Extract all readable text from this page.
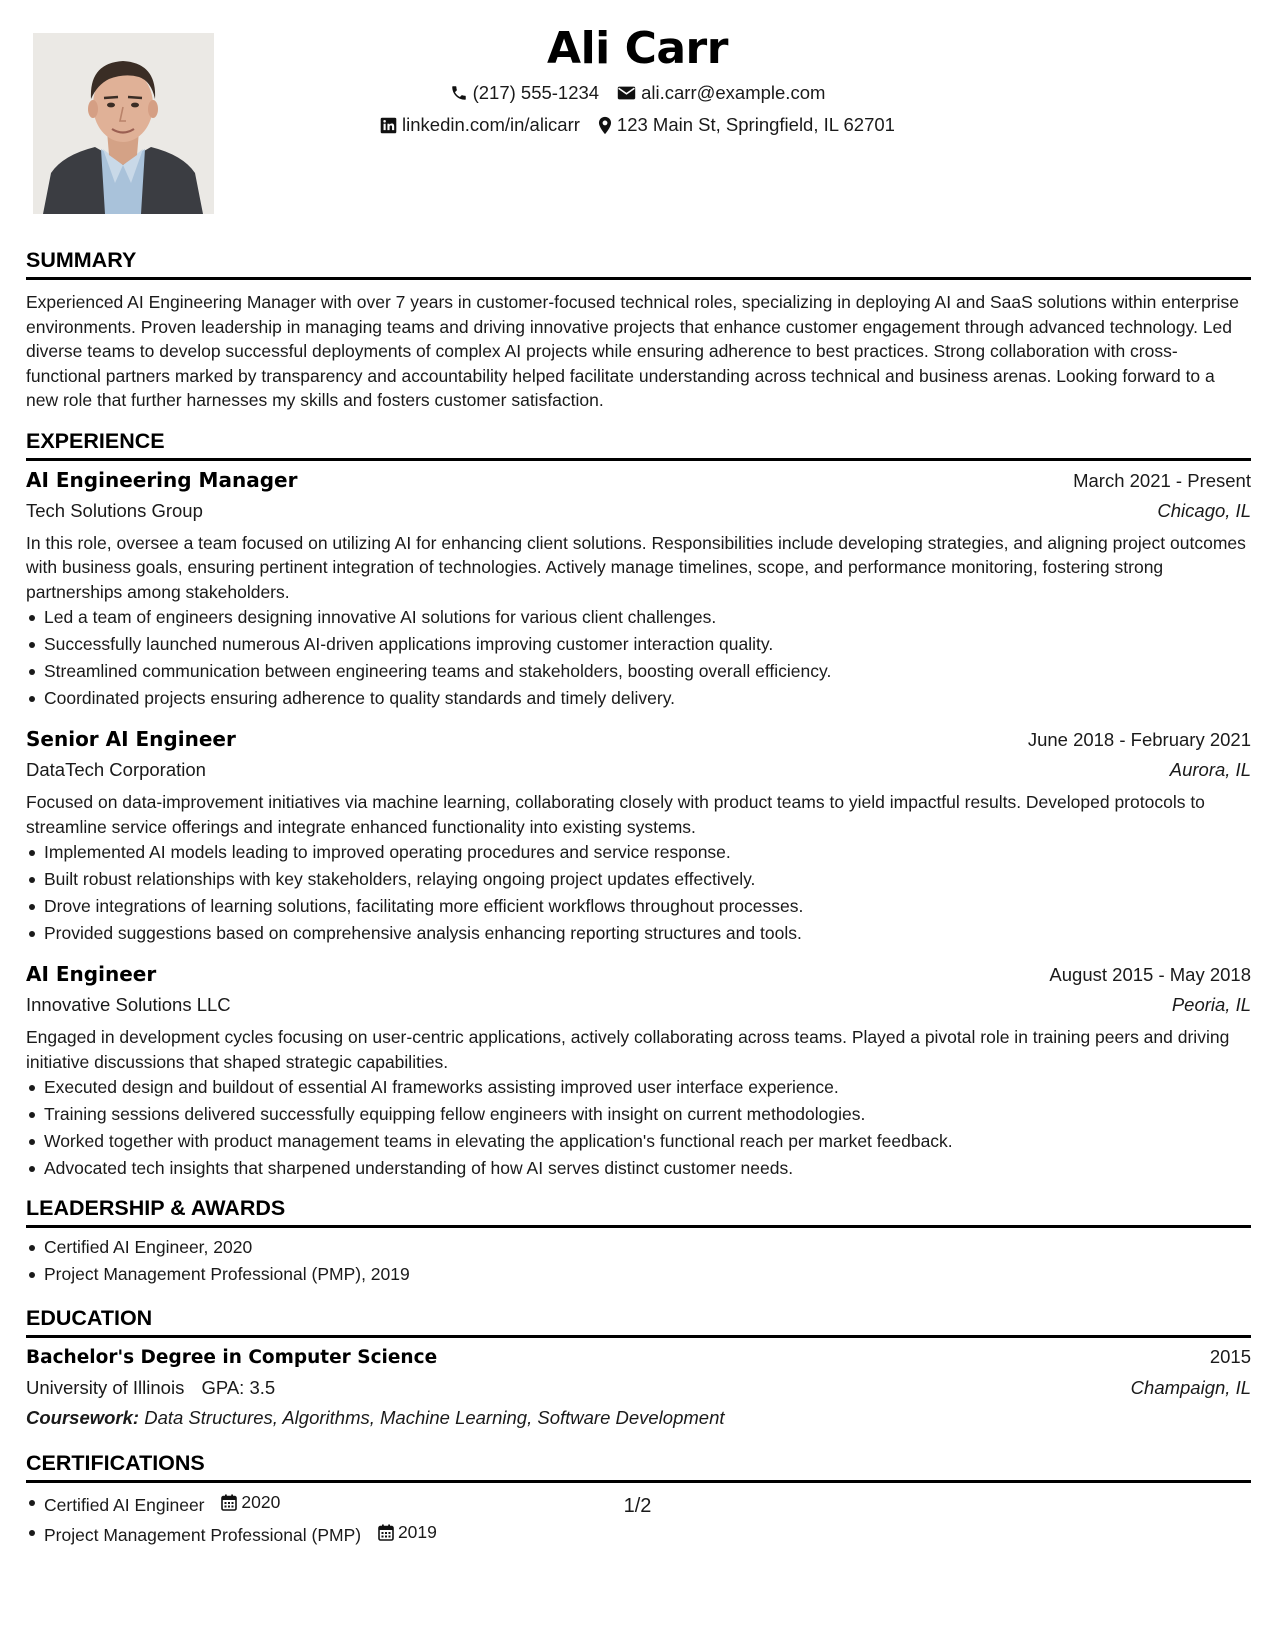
Ali Carr
(217) 555-1234 ali.carr@example.com
linkedin.com/in/alicarr 123 Main St, Springfield, IL 62701
SUMMARY
Experienced AI Engineering Manager with over 7 years in customer-focused technical roles, specializing in deploying AI and SaaS solutions within enterprise environments. Proven leadership in managing teams and driving innovative projects that enhance customer engagement through advanced technology. Led diverse teams to develop successful deployments of complex AI projects while ensuring adherence to best practices. Strong collaboration with cross-functional partners marked by transparency and accountability helped facilitate understanding across technical and business arenas. Looking forward to a new role that further harnesses my skills and fosters customer satisfaction.
EXPERIENCE
AI Engineering Manager	March 2021 - Present
Tech Solutions Group	Chicago, IL
In this role, oversee a team focused on utilizing AI for enhancing client solutions. Responsibilities include developing strategies, and aligning project outcomes with business goals, ensuring pertinent integration of technologies. Actively manage timelines, scope, and performance monitoring, fostering strong partnerships among stakeholders.
Led a team of engineers designing innovative AI solutions for various client challenges.
Successfully launched numerous AI-driven applications improving customer interaction quality.
Streamlined communication between engineering teams and stakeholders, boosting overall efficiency.
Coordinated projects ensuring adherence to quality standards and timely delivery.
Senior AI Engineer	June 2018 - February 2021
DataTech Corporation	Aurora, IL
Focused on data-improvement initiatives via machine learning, collaborating closely with product teams to yield impactful results. Developed protocols to streamline service offerings and integrate enhanced functionality into existing systems.
Implemented AI models leading to improved operating procedures and service response.
Built robust relationships with key stakeholders, relaying ongoing project updates effectively.
Drove integrations of learning solutions, facilitating more efficient workflows throughout processes.
Provided suggestions based on comprehensive analysis enhancing reporting structures and tools.
AI Engineer	August 2015 - May 2018
Innovative Solutions LLC	Peoria, IL
Engaged in development cycles focusing on user-centric applications, actively collaborating across teams. Played a pivotal role in training peers and driving initiative discussions that shaped strategic capabilities.
Executed design and buildout of essential AI frameworks assisting improved user interface experience.
Training sessions delivered successfully equipping fellow engineers with insight on current methodologies.
Worked together with product management teams in elevating the application's functional reach per market feedback.
Advocated tech insights that sharpened understanding of how AI serves distinct customer needs.
LEADERSHIP & AWARDS
Certified AI Engineer, 2020
Project Management Professional (PMP), 2019
EDUCATION
Bachelor's Degree in Computer Science	2015
University of Illinois GPA: 3.5	Champaign, IL
Coursework: Data Structures, Algorithms, Machine Learning, Software Development
CERTIFICATIONS
Certified AI Engineer 2020
Project Management Professional (PMP) 2019
1/2
